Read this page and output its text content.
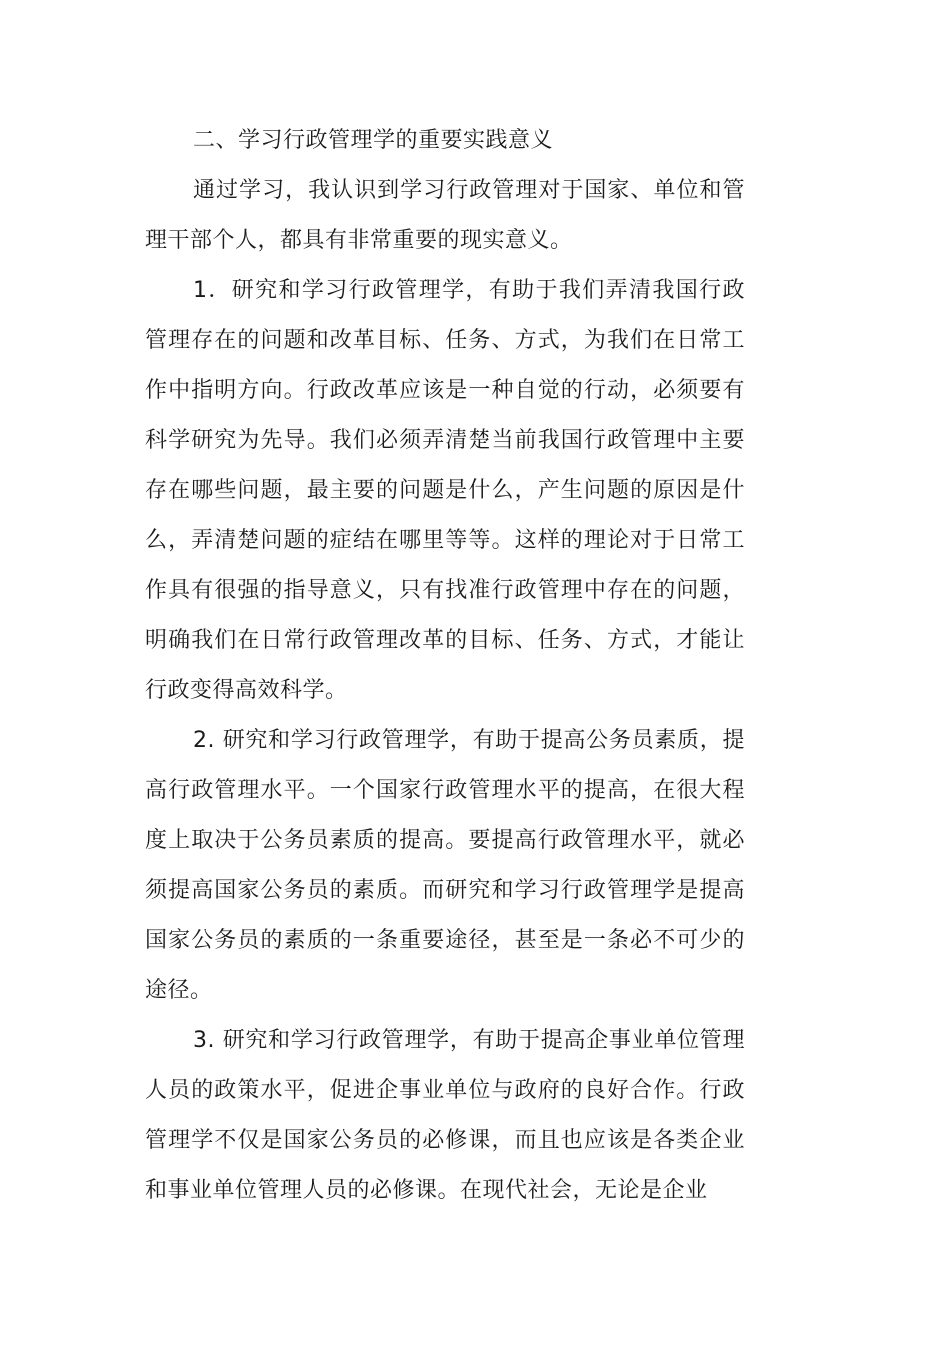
二、学习行政管理学的重要实践意义

通过学习，我认识到学习行政管理对于国家、单位和管理干部个人，都具有非常重要的现实意义。

1．研究和学习行政管理学，有助于我们弄清我国行政管理存在的问题和改革目标、任务、方式，为我们在日常工作中指明方向。行政改革应该是一种自觉的行动，必须要有科学研究为先导。我们必须弄清楚当前我国行政管理中主要存在哪些问题，最主要的问题是什么，产生问题的原因是什么，弄清楚问题的症结在哪里等等。这样的理论对于日常工作具有很强的指导意义，只有找准行政管理中存在的问题，明确我们在日常行政管理改革的目标、任务、方式，才能让行政变得高效科学。

2. 研究和学习行政管理学，有助于提高公务员素质，提高行政管理水平。一个国家行政管理水平的提高，在很大程度上取决于公务员素质的提高。要提高行政管理水平，就必须提高国家公务员的素质。而研究和学习行政管理学是提高国家公务员的素质的一条重要途径，甚至是一条必不可少的途径。

3. 研究和学习行政管理学，有助于提高企事业单位管理人员的政策水平，促进企事业单位与政府的良好合作。行政管理学不仅是国家公务员的必修课，而且也应该是各类企业和事业单位管理人员的必修课。在现代社会，无论是企业
